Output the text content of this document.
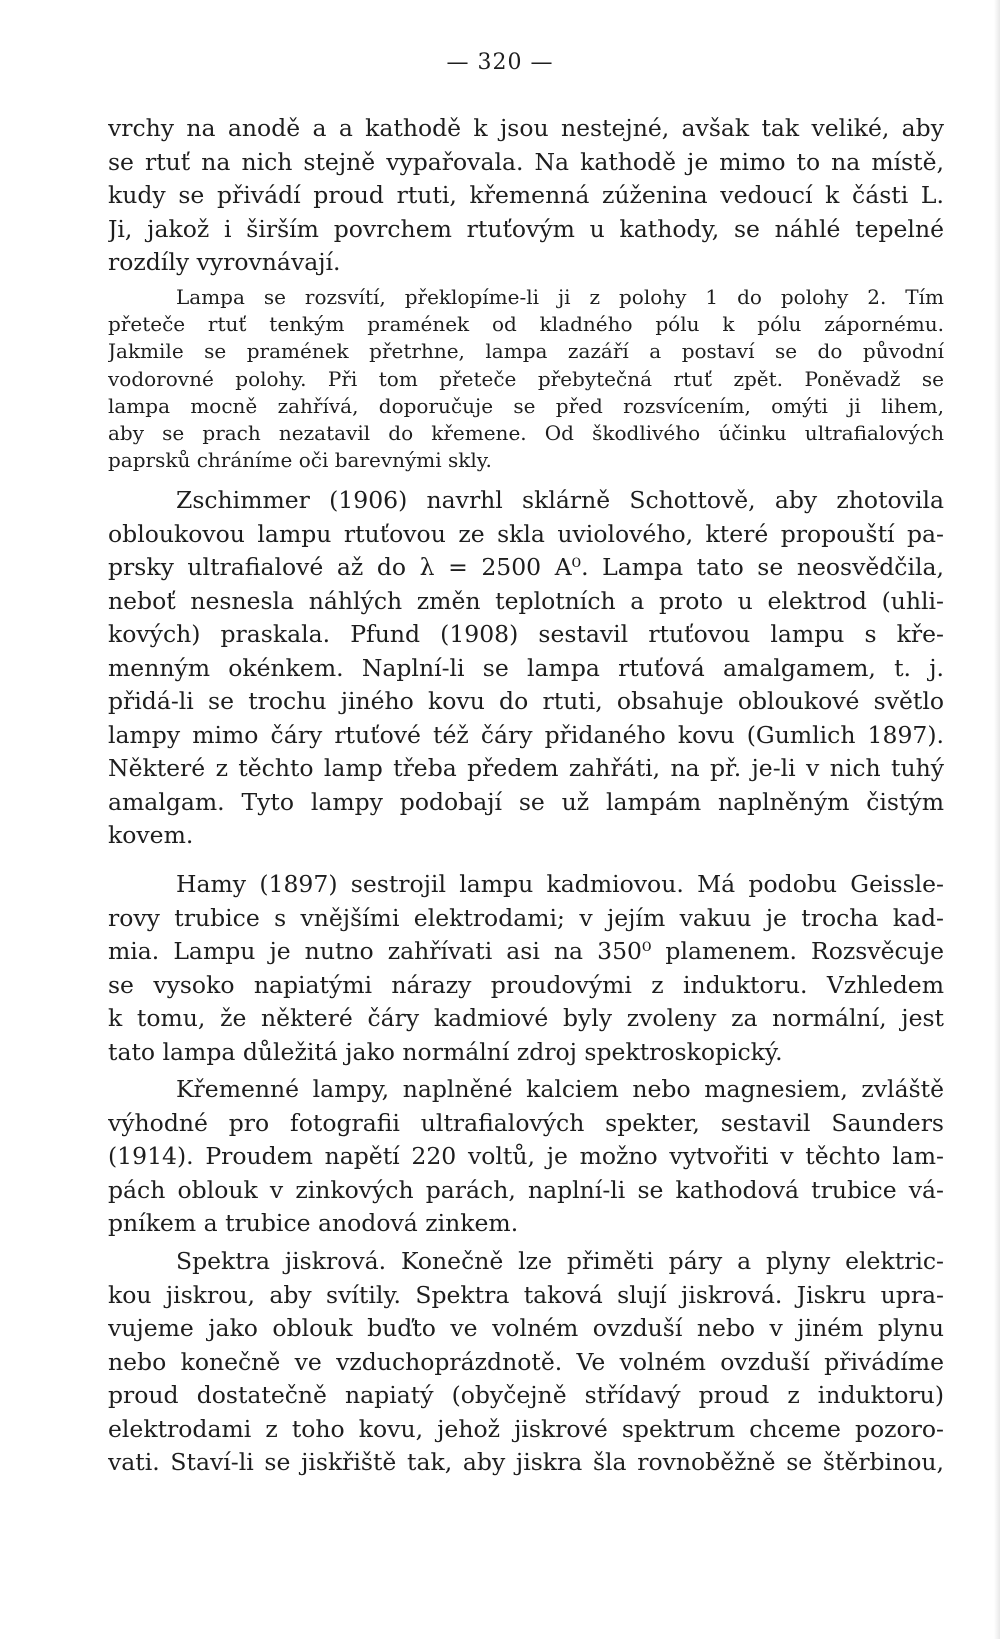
— 320 —
vrchy na anodě a a kathodě k jsou nestejné, avšak tak veliké, aby
se rtuť na nich stejně vypařovala. Na kathodě je mimo to na místě,
kudy se přivádí proud rtuti, křemenná zúženina vedoucí k části L.
Ji, jakož i širším povrchem rtuťovým u kathody, se náhlé tepelné
rozdíly vyrovnávají.
Lampa se rozsvítí, překlopíme-li ji z polohy 1 do polohy 2. Tím
přeteče rtuť tenkým pramének od kladného pólu k pólu zápornému.
Jakmile se pramének přetrhne, lampa zazáří a postaví se do původní
vodorovné polohy. Při tom přeteče přebytečná rtuť zpět. Poněvadž se
lampa mocně zahřívá, doporučuje se před rozsvícením, omýti ji lihem,
aby se prach nezatavil do křemene. Od škodlivého účinku ultrafialových
paprsků chráníme oči barevnými skly.
Zschimmer (1906) navrhl sklárně Schottově, aby zhotovila
obloukovou lampu rtuťovou ze skla uviolového, které propouští pa-
prsky ultrafialové až do λ = 2500 A⁰. Lampa tato se neosvědčila,
neboť nesnesla náhlých změn teplotních a proto u elektrod (uhli-
kových) praskala. Pfund (1908) sestavil rtuťovou lampu s kře-
menným okénkem. Naplní-li se lampa rtuťová amalgamem, t. j.
přidá-li se trochu jiného kovu do rtuti, obsahuje obloukové světlo
lampy mimo čáry rtuťové též čáry přidaného kovu (Gumlich 1897).
Některé z těchto lamp třeba předem zahřáti, na př. je-li v nich tuhý
amalgam. Tyto lampy podobají se už lampám naplněným čistým
kovem.
Hamy (1897) sestrojil lampu kadmiovou. Má podobu Geissle-
rovy trubice s vnějšími elektrodami; v jejím vakuu je trocha kad-
mia. Lampu je nutno zahřívati asi na 350⁰ plamenem. Rozsvěcuje
se vysoko napiatými nárazy proudovými z induktoru. Vzhledem
k tomu, že některé čáry kadmiové byly zvoleny za normální, jest
tato lampa důležitá jako normální zdroj spektroskopický.
Křemenné lampy, naplněné kalciem nebo magnesiem, zvláště
výhodné pro fotografii ultrafialových spekter, sestavil Saunders
(1914). Proudem napětí 220 voltů, je možno vytvořiti v těchto lam-
pách oblouk v zinkových parách, naplní-li se kathodová trubice vá-
pníkem a trubice anodová zinkem.
Spektra jiskrová. Konečně lze přiměti páry a plyny elektric-
kou jiskrou, aby svítily. Spektra taková slují jiskrová. Jiskru upra-
vujeme jako oblouk buďto ve volném ovzduší nebo v jiném plynu
nebo konečně ve vzduchoprázdnotě. Ve volném ovzduší přivádíme
proud dostatečně napiatý (obyčejně střídavý proud z induktoru)
elektrodami z toho kovu, jehož jiskrové spektrum chceme pozoro-
vati. Staví-li se jiskřiště tak, aby jiskra šla rovnoběžně se štěrbinou,
